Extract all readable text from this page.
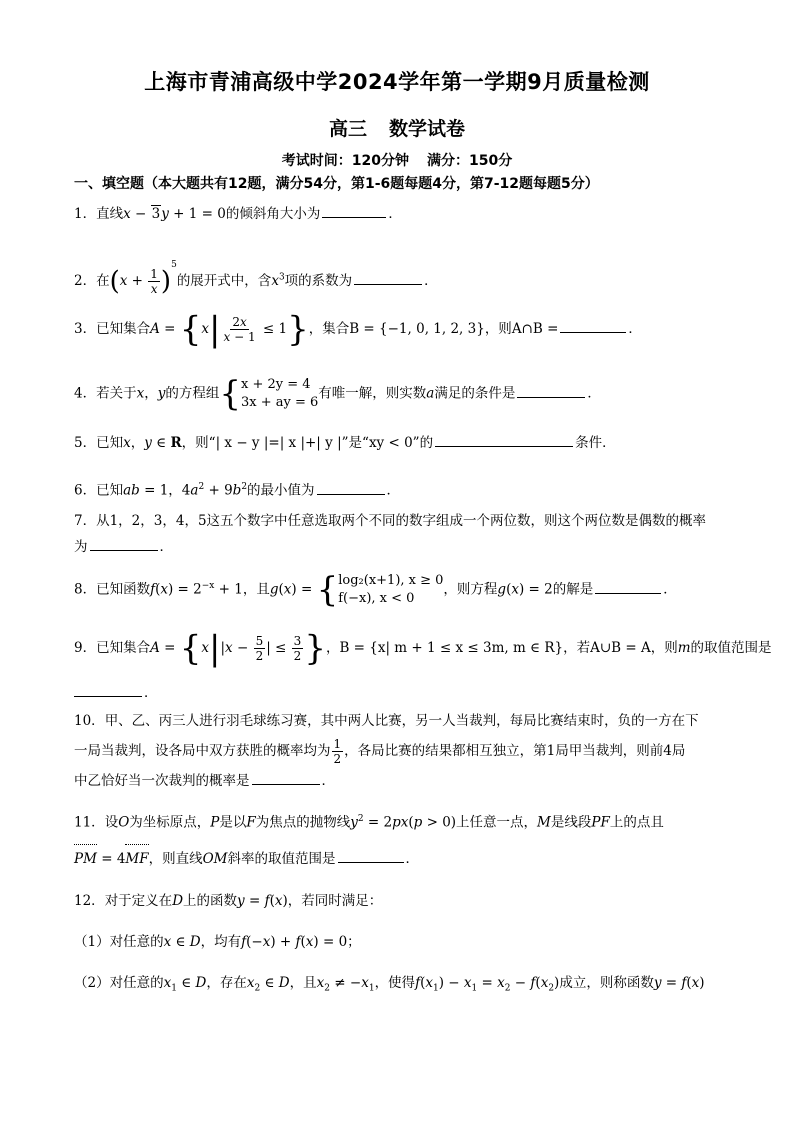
上海市青浦高级中学2024学年第一学期9月质量检测
高三 数学试卷
考试时间：120分钟 满分：150分
一、填空题（本大题共有12题，满分54分，第1-6题每题4分，第7-12题每题5分）
1．直线x − 3y + 1 = 0的倾斜角大小为	．
2．在$(x + \frac{1}{x} )^5$的展开式中，含$x^3$项的系数为	．
3．已知集合$A = \{x| \frac{2x}{x - 1} \le 1\}$，集合B = {−1, 0, 1, 2, 3}，则A∩B =	．
4．若关于x，y的方程组{ x + 2y = 4
3x + ay = 6
有唯一解，则实数a满足的条件是	．
5．已知x，y ∈ R，则“| x − y |=| x |+| y |”是“xy < 0”的	条件．
6．已知ab = 1，$4a^2 + 9b^2$的最小值为	．
7．从1，2，3，4，5这五个数字中任意选取两个不同的数字组成一个两位数，则这个两位数是偶数的概率
为	．
8．已知函数$f(x) = 2^{-x} + 1$，且g(x) = { log₂(x+1), x ≥ 0
f(−x), x < 0
，则方程g(x) = 2的解是	．
9．已知集合$A = \{x||x - \frac{5}{2}$ | ≤ $\frac{3}{2}$ }，B = {x| m + 1 ≤ x ≤ 3m, m ∈ R}，若A∪B = A，则m的取值范围是
．
10．甲、乙、丙三人进行羽毛球练习赛，其中两人比赛，另一人当裁判，每局比赛结束时，负的一方在下
一局当裁判，设各局中双方获胜的概率均为 $\frac{1}{2}$ ，各局比赛的结果都相互独立，第1局甲当裁判，则前4局
中乙恰好当一次裁判的概率是	．
11．设O为坐标原点，P是以F为焦点的抛物线$y^2 = 2px(p > 0)$上任意一点，M是线段PF上的点且
PM = 4MF，则直线OM斜率的取值范围是	．
12．对于定义在D上的函数y = f(x)，若同时满足：
（1）对任意的x ∈ D，均有f(−x) + f(x) = 0；
（2）对任意的$x_1$ ∈ D，存在$x_2$ ∈ D，且$x_2 \ne -x_1$，使得$f(x_1) - x_1 = x_2 - f(x_2)$成立，则称函数y = f(x)
